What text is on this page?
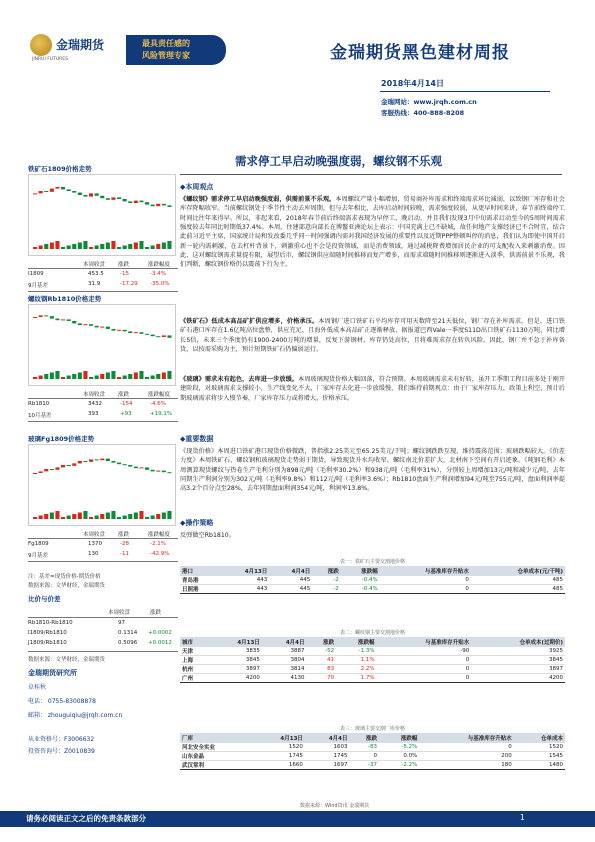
金瑞期货
JINRUI FUTURES
最具责任感的
风险管理专家	金瑞期货黑色建材周报
2018年4月14日
金瑞网站：www.jrqh.com.cn
客服热线：400-888-8208
需求停工早启动晚强度弱，螺纹钢不乐观
铁矿石1809价格走势
本周收盘 涨跌	涨跌幅度
I1809	453.5	-15	-3.4%
9月基差	31.9	-17.29 -35.0%
螺纹钢Rb1810价格走势
本周收盘 涨跌	涨跌幅度
Rb1810	3432	-154	-4.6%
10月基差	393	+93	+19.1%
玻璃Fg1809价格走势
本周收盘 涨跌	涨跌幅度
Fg1809	1370	-28	-2.1%
9月基差	130	-11	-42.9%
注：基差=现货价格-期货价格
数据来源：文华财经，金瑞期货
比价与价差
本周收盘	涨跌
Rb1810-Rb1810	97
I1809/Rb1810	0.1314 +0.0002
J1809/Rb1810	0.5096 +0.0012
数据来源：文华财经，金瑞期货
金瑞期货研究所
卓桂秋
电话： 0755-83008878
邮箱： zhouguiqiu@jrqh.com.cn
从业资格号：F3006632
投资咨询号：Z0010839
◆本周观点
《螺纹钢》需求停工早启动晚强度弱，供需前景不乐观。本周螺纹产量小幅增加，贸易商补库需求和终端需求环比减弱，以致钢厂库存和社会库存降幅收窄。当前螺纹钢处于季节性主动去库周期，但与去年相比，去库启动时间较晚，需求强度较弱，从更早时间来讲，春节前终端停工时间比往年来得早。所以，非起来看，2018年春节前后终端需求表现为早停工，晚启动，并且我们发现3月中旬需求启动至今的5周时间需求强度较去年同比时期低37.4%。本周，住建部意向部长在博鳌亚洲论坛上表示：中国充满上已不缺城，故任何地产支撑经济已不合时宜，结合此前习近平主席，国家统计局和发改委几乎同一时间强调内需对我国经济发展的重要性以及近期PPP整顿叫停的消息，我们认为即使中国开启新一轮内需刺激，在去杠杆背景下，刺激重心也不会是投资领域，而是消费领域，通过减税降费增加居民企业的可支配收入来刺激消费。因此，这对螺纹钢需求量提有限，展望后市，螺纹钢供应端随时间推移而复产增多，而需求端随时间推移则逐渐进入淡季，供需前景不乐观，我们判断，螺纹钢价格仍以震荡下行为主。
《铁矿石》低成本高品矿扩供应增多，价格承压。本周钢厂进口铁矿石平均库存可用天数降至21天低位，钢厂存在补库需求。但是，进口铁矿石港口库存在1.6亿吨高位盘整，供应充足，且海外低成本高品矿正逐渐释放，据报道巴西Vale一季度S11D出口铁矿石1130万吨，同比增长5倍，未来三个季度仍有1900-2400万吨的增量，反复下游钢材，库存仍处高位，且将难需求存在转负风险。因此，钢厂并不急于补库备货，以按需采购为主，预计短期铁矿石仍偏弱运行。
《玻璃》需求未有起色，去库进一步放缓。本周玻璃现货价格大幅回落，符合预期。本周玻璃需求未有好转，虽开工季期工程目前多处于刚开建阶段，对玻璃需求支撑较小，生产线变化不大，厂家库存去化进一步放缓慢，我们维持前期观点：由于厂家库存压力，政策上利空，预计后期玻璃需求将步入慢节奏，厂家库存压力或将增大，价格承压。
◆重要数据
《现货价格》本周进口铁矿港口现货价格微跌，普指涨2.25美元至65.25美元/干吨；螺纹钢跌跌互现，维持震荡范围；玻璃跌幅较大。《价差力度》本周铁矿石、螺纹钢和玻璃现货走势弱于期货，导致现货升水均收窄。螺纹南北价差扩大，北材南下空间有开启迹象。《吨钢毛利》本周测算现货螺纹与热卷生产毛利分别为898元/吨（毛利率30.2%）和938元/吨（毛利率31%），分别较上周增加13元/吨和减少元/吨，去年同期生产利润分别为302元/吨（毛利率9.8%）和112元/吨（毛利率3.6%）；Rb1810盘面生产利润增加94元/吨至755元/吨，盘面利润率提高3.2个百分点至28%，去年同期盘面利润354元/吨，利润率13.8%。
◆操作策略
反弹做空Rb1810。
表一：铁矿石主要交割地价格
港口	4月13日	4月4日	涨跌	涨跌幅	与基准库存升贴水	仓单成本(元/干吨)
青岛港	443	445	-2	-0.4%	0	485
日照港	443	445	-2	-0.4%	0	485
表二：螺纹钢主要交割地价格
城市	4月13日	4月4日	涨跌	涨跌幅	与基准库存升贴水	仓单成本(过期价)
天津	3835	3887	-52	-1.3%	-90	3925
上海	3845	3804	41	1.1%	0	3845
杭州	3897	3814	83	2.2%	0	3897
广州	4200	4130	70	1.7%	0	4200
表三：玻璃主要交割厂库价格
厂库	4月13日	4月4日	涨跌	涨跌幅	与基准库存升贴水	仓单成本
河北安全实业	1520	1603	-83	-5.2%	0	1520
山东金晶	1745	1745	0	0.0%	200	1545
武汉常利	1660	1697	-37	-2.2%	180	1480
数据来源：Wind资讯 金瑞期货
请务必阅读正文之后的免责条款部分	1
